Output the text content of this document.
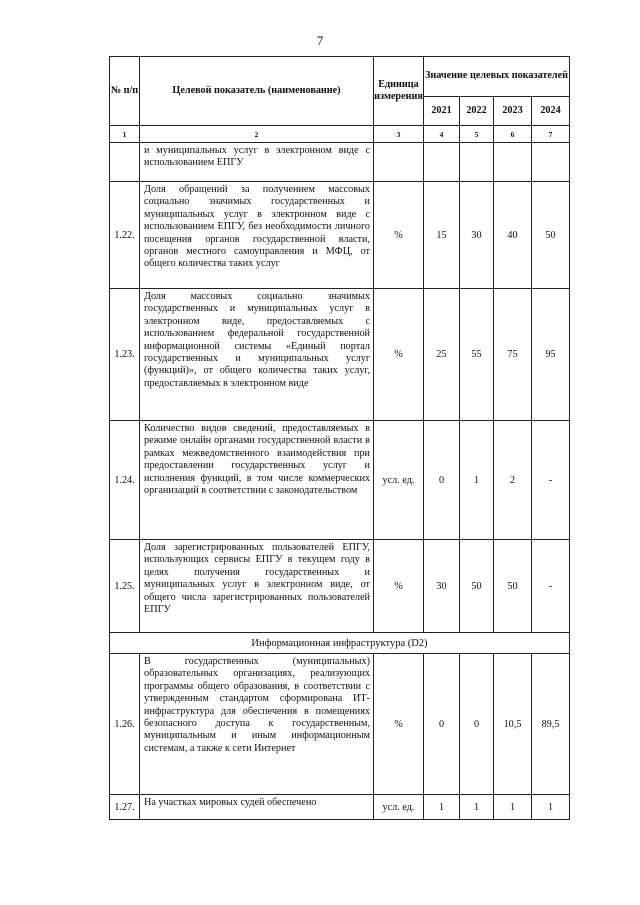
7
№ п/п	Целевой показатель (наименование)	Единица измерения	Значение целевых показателей			
			2021	2022	2023	2024
1	2	3	4	5	6	7
	и муниципальных услуг в электронном виде с использованием ЕПГУ					
1.22.	Доля обращений за получением массовых социально значимых государственных и муниципальных услуг в электронном виде с использованием ЕПГУ, без необходимости личного посещения органов государственной власти, органов местного самоуправления и МФЦ, от общего количества таких услуг	%	15	30	40	50
1.23.	Доля массовых социально значимых государственных и муниципальных услуг в электронном виде, предоставляемых с использованием федеральной государственной информационной системы «Единый портал государственных и муниципальных услуг (функций)», от общего количества таких услуг, предоставляемых в электронном виде	%	25	55	75	95
1.24.	Количество видов сведений, предоставляемых в режиме онлайн органами государственной власти в рамках межведомственного взаимодействия при предоставлении государственных услуг и исполнения функций, в том числе коммерческих организаций в соответствии с законодательством	усл. ед.	0	1	2	-
1.25.	Доля зарегистрированных пользователей ЕПГУ, использующих сервисы ЕПГУ в текущем году в целях получения государственных и муниципальных услуг в электронном виде, от общего числа зарегистрированных пользователей ЕПГУ	%	30	50	50	-
Информационная инфраструктура (D2)						
1.26.	В государственных (муниципальных) образовательных организациях, реализующих программы общего образования, в соответствии с утвержденным стандартом сформирована ИТ-инфраструктура для обеспечения в помещениях безопасного доступа к государственным, муниципальным и иным информационным системам, а также к сети Интернет	%	0	0	10,5	89,5
1.27.	На участках мировых судей обеспечено	усл. ед.	1	1	1	1
